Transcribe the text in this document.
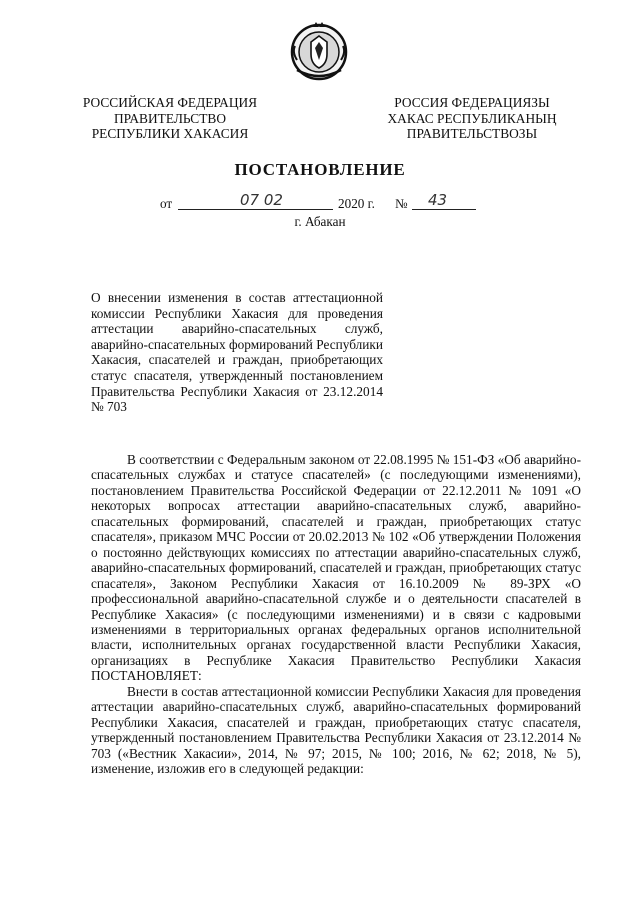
РОССИЙСКАЯ ФЕДЕРАЦИЯ
ПРАВИТЕЛЬСТВО
РЕСПУБЛИКИ ХАКАСИЯ
РОССИЯ ФЕДЕРАЦИЯЗЫ
ХАКАС РЕСПУБЛИКАНЫҢ
ПРАВИТЕЛЬСТВОЗЫ
ПОСТАНОВЛЕНИЕ
от	07 02	2020 г. № 43
г. Абакан
О внесении изменения в состав аттестационной комиссии Республики Хакасия для проведения аттестации аварийно-спасательных служб, аварийно-спасательных формирований Республики Хакасия, спасателей и граждан, приобретающих статус спасателя, утвержденный постановлением Правительства Республики Хакасия от 23.12.2014 № 703

В соответствии с Федеральным законом от 22.08.1995 № 151-ФЗ «Об аварийно-спасательных службах и статусе спасателей» (с последующими изменениями), постановлением Правительства Российской Федерации от 22.12.2011 № 1091 «О некоторых вопросах аттестации аварийно-спасательных служб, аварийно-спасательных формирований, спасателей и граждан, приобретающих статус спасателя», приказом МЧС России от 20.02.2013 № 102 «Об утверждении Положения о постоянно действующих комиссиях по аттестации аварийно-спасательных служб, аварийно-спасательных формирований, спасателей и граждан, приобретающих статус спасателя», Законом Республики Хакасия от 16.10.2009 № 89-ЗРХ «О профессиональной аварийно-спасательной службе и о деятельности спасателей в Республике Хакасия» (с последующими изменениями) и в связи с кадровыми изменениями в территориальных органах федеральных органов исполнительной власти, исполнительных органах государственной власти Республики Хакасия, организациях в Республике Хакасия Правительство Республики Хакасия ПОСТАНОВЛЯЕТ:

Внести в состав аттестационной комиссии Республики Хакасия для проведения аттестации аварийно-спасательных служб, аварийно-спасательных формирований Республики Хакасия, спасателей и граждан, приобретающих статус спасателя, утвержденный постановлением Правительства Республики Хакасия от 23.12.2014 № 703 («Вестник Хакасии», 2014, № 97; 2015, № 100; 2016, № 62; 2018, № 5), изменение, изложив его в следующей редакции:
